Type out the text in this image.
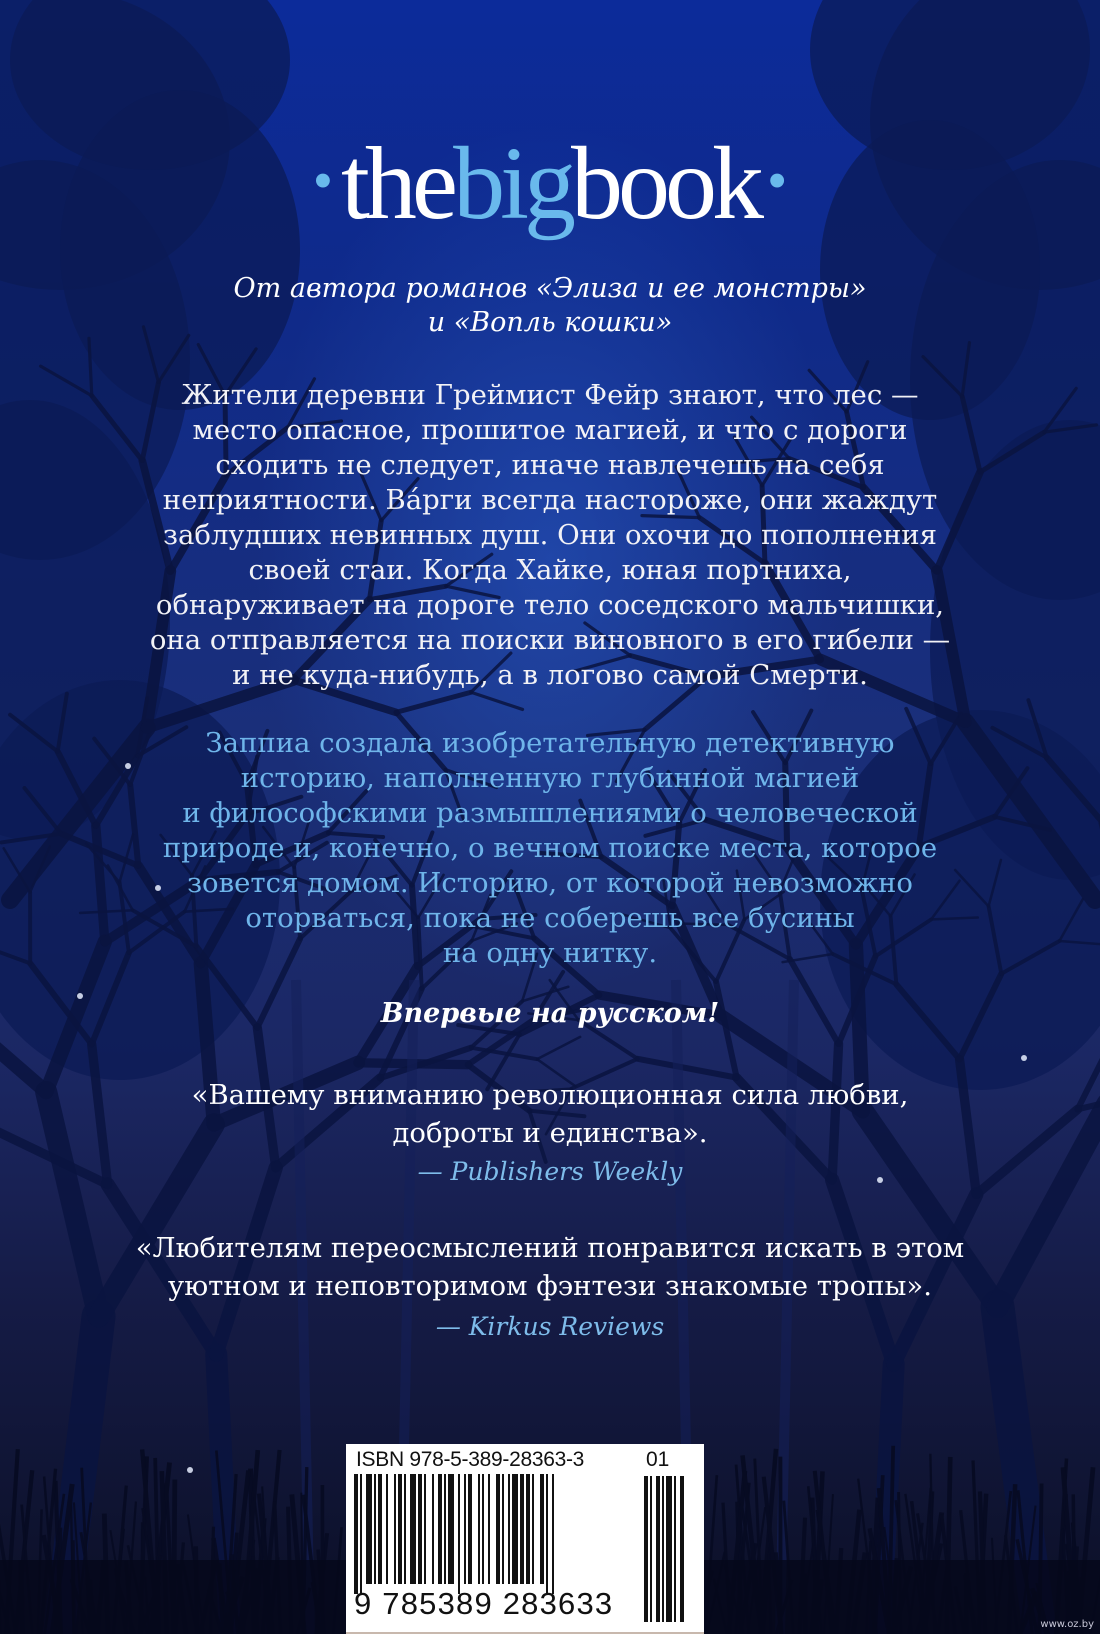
•thebigbook •
От автора романов «Элиза и ее монстры»
и «Вопль кошки»
Жители деревни Греймист Фейр знают, что лес —
место опасное, прошитое магией, и что с дороги
сходить не следует, иначе навлечешь на себя
неприятности. Ва́рги всегда настороже, они жаждут
заблудших невинных душ. Они охочи до пополнения
своей стаи. Когда Хайке, юная портниха,
обнаруживает на дороге тело соседского мальчишки,
она отправляется на поиски виновного в его гибели —
и не куда-нибудь, а в логово самой Смерти.
Заппиа создала изобретательную детективную
историю, наполненную глубинной магией
и философскими размышлениями о человеческой
природе и, конечно, о вечном поиске места, которое
зовется домом. Историю, от которой невозможно
оторваться, пока не соберешь все бусины
на одну нитку.
Впервые на русском!
«Вашему вниманию революционная сила любви,
доброты и единства».
— Publishers Weekly
«Любителям переосмыслений понравится искать в этом
уютном и неповторимом фэнтези знакомые тропы».
— Kirkus Reviews
ISBN 978-5-389-28363-3	01
9 785389 283633
www.oz.by
